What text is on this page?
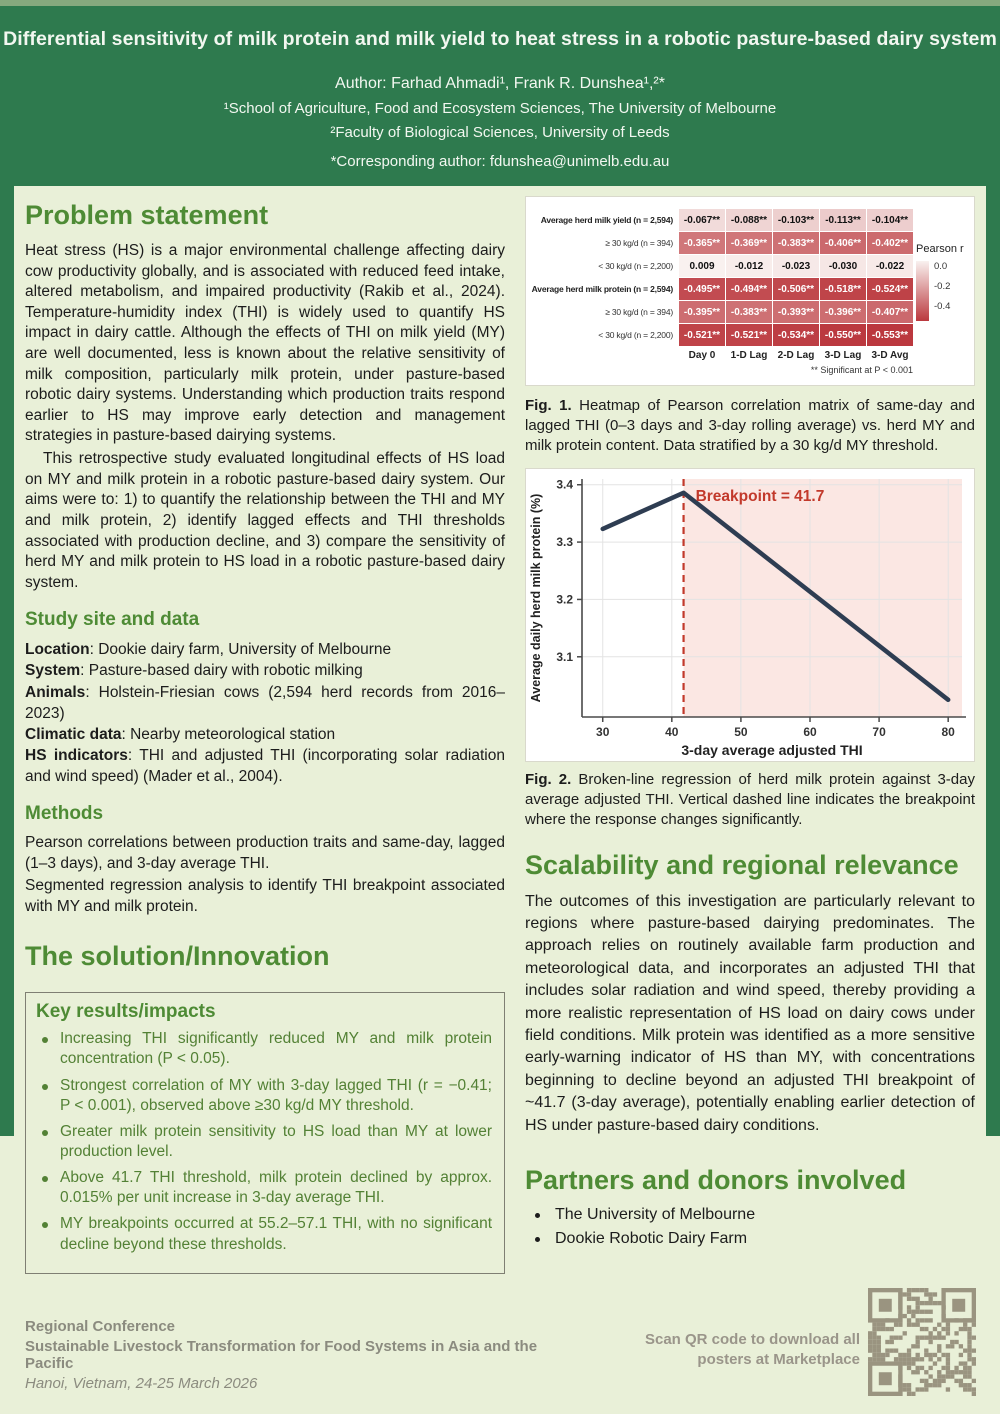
Differential sensitivity of milk protein and milk yield to heat stress in a robotic pasture-based dairy system
Author: Farhad Ahmadi¹, Frank R. Dunshea¹,²*
¹School of Agriculture, Food and Ecosystem Sciences, The University of Melbourne
²Faculty of Biological Sciences, University of Leeds
*Corresponding author: fdunshea@unimelb.edu.au
Problem statement

Heat stress (HS) is a major environmental challenge affecting dairy cow productivity globally, and is associated with reduced feed intake, altered metabolism, and impaired productivity (Rakib et al., 2024). Temperature-humidity index (THI) is widely used to quantify HS impact in dairy cattle. Although the effects of THI on milk yield (MY) are well documented, less is known about the relative sensitivity of milk composition, particularly milk protein, under pasture-based robotic dairy systems. Understanding which production traits respond earlier to HS may improve early detection and management strategies in pasture-based dairying systems.

This retrospective study evaluated longitudinal effects of HS load on MY and milk protein in a robotic pasture-based dairy system. Our aims were to: 1) to quantify the relationship between the THI and MY and milk protein, 2) identify lagged effects and THI thresholds associated with production decline, and 3) compare the sensitivity of herd MY and milk protein to HS load in a robotic pasture-based dairy system.

Study site and data

Location: Dookie dairy farm, University of Melbourne

System: Pasture-based dairy with robotic milking

Animals: Holstein-Friesian cows (2,594 herd records from 2016–2023)

Climatic data: Nearby meteorological station

HS indicators: THI and adjusted THI (incorporating solar radiation and wind speed) (Mader et al., 2004).

Methods

Pearson correlations between production traits and same-day, lagged (1–3 days), and 3-day average THI.

Segmented regression analysis to identify THI breakpoint associated with MY and milk protein.

The solution/Innovation
Key results/impacts
Increasing THI significantly reduced MY and milk protein concentration (P < 0.05).
Strongest correlation of MY with 3-day lagged THI (r = −0.41; P < 0.001), observed above ≥30 kg/d MY threshold.
Greater milk protein sensitivity to HS load than MY at lower production level.
Above 41.7 THI threshold, milk protein declined by approx. 0.015% per unit increase in 3-day average THI.
MY breakpoints occurred at 55.2–57.1 THI, with no significant decline beyond these thresholds.
Average herd milk yield (n = 2,594)	-0.067**	-0.088**	-0.103**	-0.113**	-0.104**
≥ 30 kg/d (n = 394)	-0.365**	-0.369**	-0.383**	-0.406**	-0.402**
< 30 kg/d (n = 2,200)	0.009	-0.012	-0.023	-0.030	-0.022
Average herd milk protein (n = 2,594)	-0.495**	-0.494**	-0.506**	-0.518**	-0.524**
≥ 30 kg/d (n = 394)	-0.395**	-0.383**	-0.393**	-0.396**	-0.407**
< 30 kg/d (n = 2,200)	-0.521**	-0.521**	-0.534**	-0.550**	-0.553**
Day 0	1-D Lag	2-D Lag	3-D Lag	3-D Avg
** Significant at P < 0.001
Pearson r
0.0
-0.2
-0.4
Fig. 1. Heatmap of Pearson correlation matrix of same-day and lagged THI (0–3 days and 3-day rolling average) vs. herd MY and milk protein content. Data stratified by a 30 kg/d MY threshold.
30	40	50	60	70	80
3.1
3.2
3.3
3.4
Breakpoint = 41.7
3-day average adjusted THI
Average daily herd milk protein (%)
Fig. 2. Broken-line regression of herd milk protein against 3-day average adjusted THI. Vertical dashed line indicates the breakpoint where the response changes significantly.
Scalability and regional relevance

The outcomes of this investigation are particularly relevant to regions where pasture-based dairying predominates. The approach relies on routinely available farm production and meteorological data, and incorporates an adjusted THI that includes solar radiation and wind speed, thereby providing a more realistic representation of HS load on dairy cows under field conditions. Milk protein was identified as a more sensitive early-warning indicator of HS than MY, with concentrations beginning to decline beyond an adjusted THI breakpoint of ~41.7 (3-day average), potentially enabling earlier detection of HS under pasture-based dairy conditions.

Partners and donors involved
The University of Melbourne
Dookie Robotic Dairy Farm
Regional Conference
Sustainable Livestock Transformation for Food Systems in Asia and the Pacific
Hanoi, Vietnam, 24-25 March 2026
Scan QR code to download all
posters at Marketplace
